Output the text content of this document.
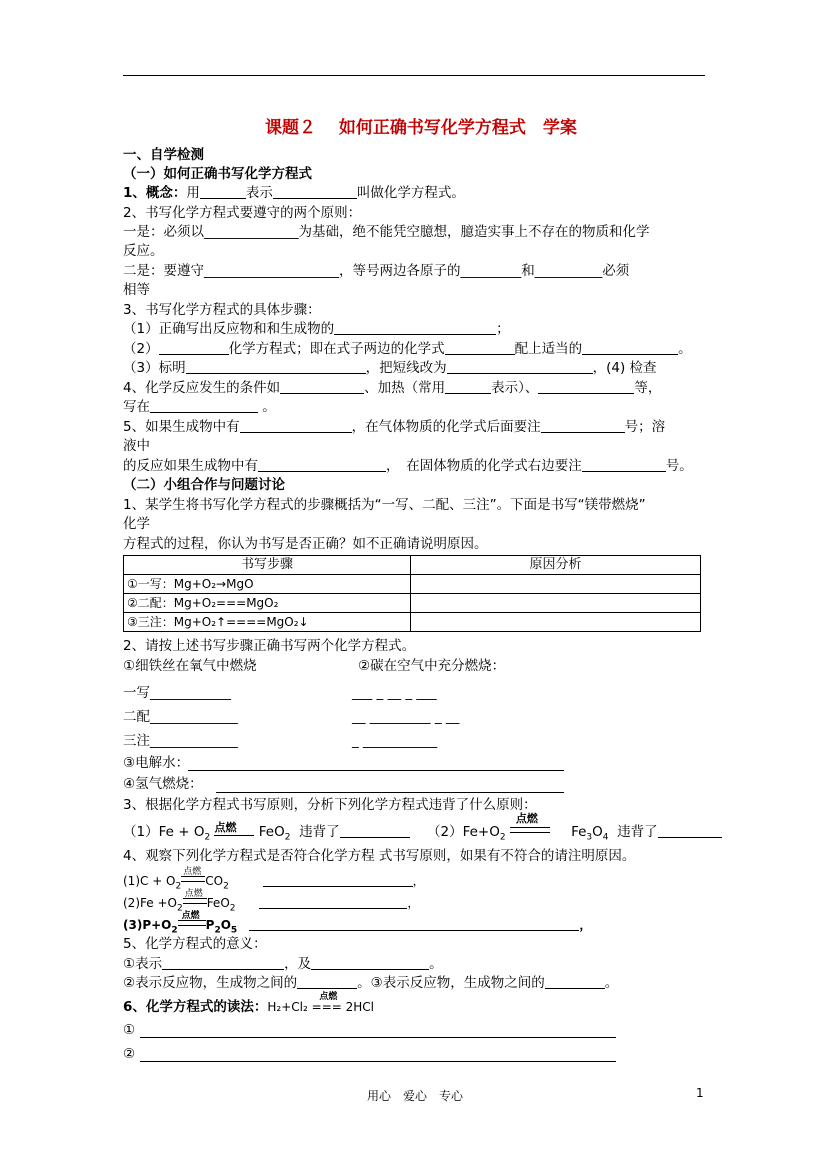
课题２　 如何正确书写化学方程式　学案
一、自学检测
（一）如何正确书写化学方程式
1、概念：用	表示	叫做化学方程式。
2、书写化学方程式要遵守的两个原则：
一是：必须以______________为基础，绝不能凭空臆想，臆造实事上不存在的物质和化学
反应。
二是：要遵守____________________，等号两边各原子的_________和__________必须
相等
3、书写化学方程式的具体步骤：
（1）正确写出反应物和和生成物的	；
（2）	化学方程式；即在式子两边的化学式	配上适当的	。
（3）标明	，把短线改为	，(4) 检查
4、化学反应发生的条件如	、加热（常用	表示）、	等，
写在	。
5、如果生成物中有	，在气体物质的化学式后面要注	号；溶
液中
的反应如果生成物中有	，　在固体物质的化学式右边要注	号。
（二）小组合作与问题讨论
1、某学生将书写化学方程式的步骤概括为“一写、二配、三注”。下面是书写“镁带燃烧”
化学
方程式的过程，你认为书写是否正确？如不正确请说明原因。
书写步骤	原因分析
①一写：Mg+O₂→MgO	
②二配：Mg+O₂===MgO₂	
③三注：Mg+O₂↑====MgO₂↓	
2、请按上述书写步骤正确书写两个化学方程式。
①细铁丝在氧气中燃烧	②碳在空气中充分燃烧：
一写____________	___ _ __ _ ___
二配_____________	__ _________ _ __
三注_____________	_ ___________
③电解水：
④氢气燃烧：
3、根据化学方程式书写原则，分析下列化学方程式违背了什么原则：
$(1)Fe + O_2$
点燃 FeO$_2$ 违背了	$(2)Fe+O_2$
点燃
$Fe_3O_4$ 违背了
4、观察下列化学方程式是否符合化学方程 式书写原则，如果有不符合的请注明原因。
$(1)C + O_2$
点燃
$CO_2$	，
$(2)Fe +O_2$
点燃
FeO$_2$	，
$(3)P+O_2$
点燃
$P_2O_5$	，
5、化学方程式的意义：
①表示	，及	。
②表示反应物，生成物之间的	。③表示反应物，生成物之间的	。
6、化学方程式的读法：
点燃
H₂+Cl₂ === 2HCl
①
②
用心　爱心　专心	1
